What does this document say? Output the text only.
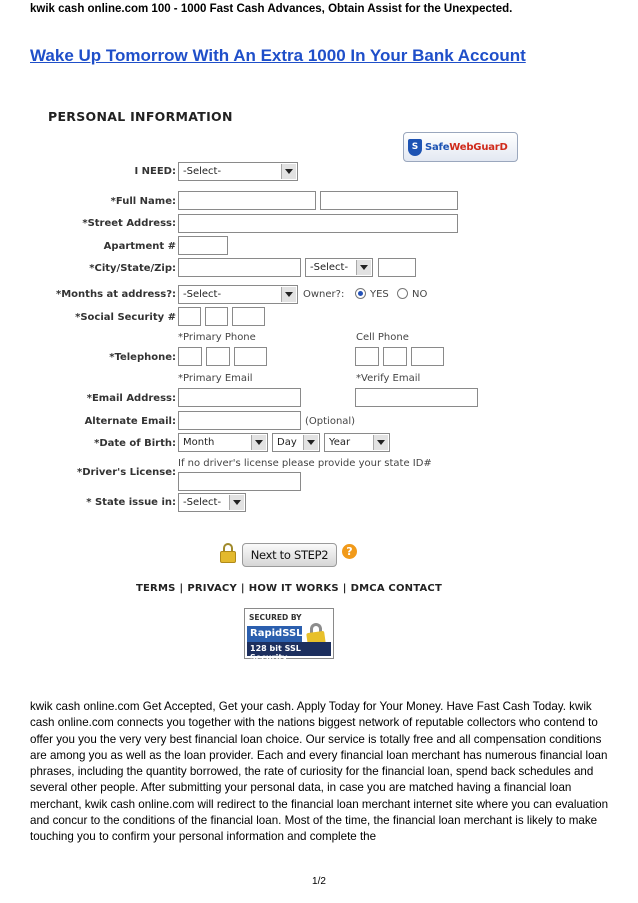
kwik cash online.com 100 - 1000 Fast Cash Advances, Obtain Assist for the Unexpected.
Wake Up Tomorrow With An Extra 1000 In Your Bank Account
PERSONAL INFORMATION
S SafeWebGuarD
I NEED: -Select-
*Full Name:
*Street Address:
Apartment #
*City/State/Zip:	-Select-
*Months at address?: -Select-	Owner?:	YES NO
*Social Security #
*Primary Phone	Cell Phone
*Telephone:
*Primary Email	*Verify Email
*Email Address:
Alternate Email:	(Optional)
*Date of Birth: Month	Day	Year
If no driver's license please provide your state ID#
*Driver's License:
* State issue in: -Select-
Next to STEP2	?
TERMS | PRIVACY | HOW IT WORKS | DMCA CONTACT
SECURED BY
RapidSSL
128 bit SSL Security

kwik cash online.com Get Accepted, Get your cash. Apply Today for Your Money. Have Fast Cash Today. kwik cash online.com connects you together with the nations biggest network of reputable collectors who contend to offer you you the very very best financial loan choice. Our service is totally free and all compensation conditions are among you as well as the loan provider. Each and every financial loan merchant has numerous financial loan phrases, including the quantity borrowed, the rate of curiosity for the financial loan, spend back schedules and several other people. After submitting your personal data, in case you are matched having a financial loan merchant, kwik cash online.com will redirect to the financial loan merchant internet site where you can evaluation and concur to the conditions of the financial loan. Most of the time, the financial loan merchant is likely to make touching you to confirm your personal information and complete the

1/2
